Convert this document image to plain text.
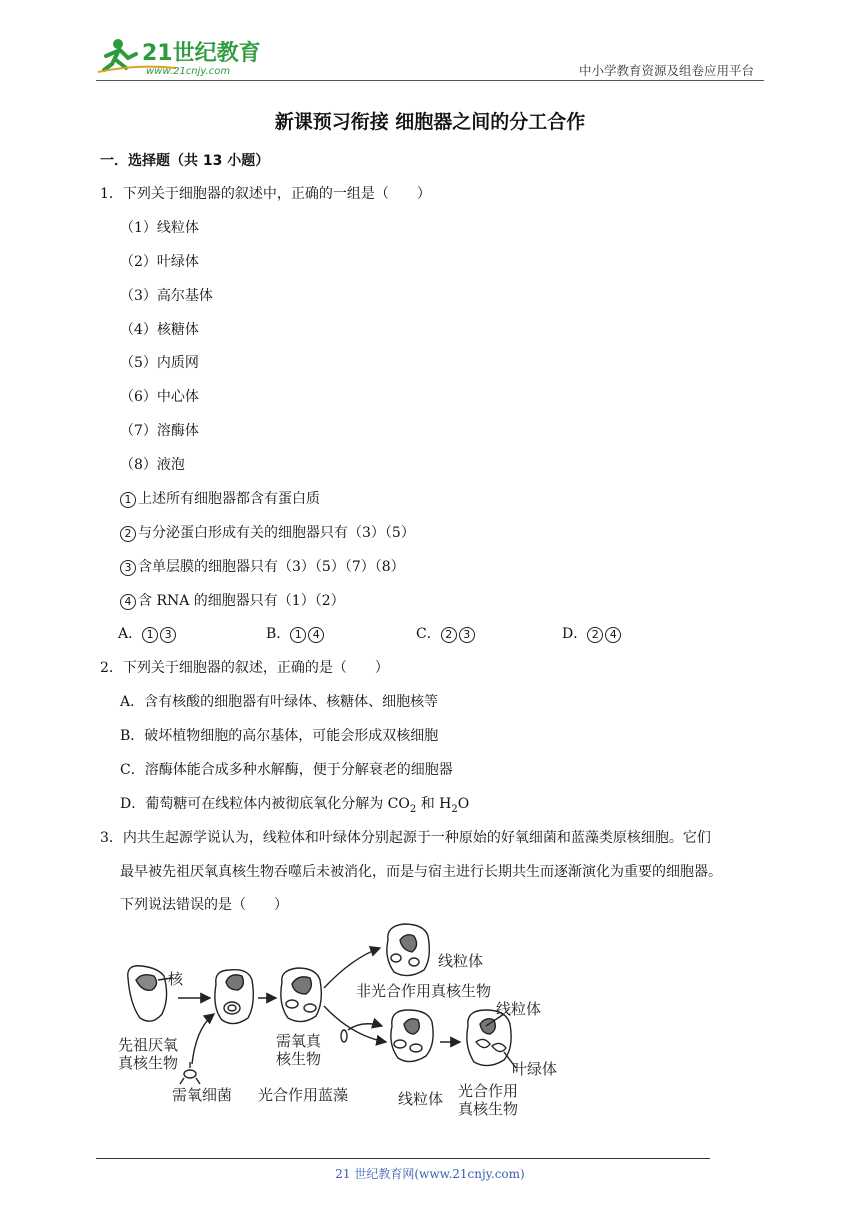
21世纪教育
www.21cnjy.com	中小学教育资源及组卷应用平台
新课预习衔接 细胞器之间的分工合作
一．选择题（共 13 小题）
1．下列关于细胞器的叙述中，正确的一组是（　　）
（1）线粒体
（2）叶绿体
（3）高尔基体
（4）核糖体
（5）内质网
（6）中心体
（7）溶酶体
（8）液泡
1 上述所有细胞器都含有蛋白质
2 与分泌蛋白形成有关的细胞器只有（3）（5）
3 含单层膜的细胞器只有（3）（5）（7）（8）
4 含 RNA 的细胞器只有（1）（2）
A． 1 3	B． 1 4	C． 2 3	D． 2 4
2．下列关于细胞器的叙述，正确的是（　　）
A．含有核酸的细胞器有叶绿体、核糖体、细胞核等
B．破坏植物细胞的高尔基体，可能会形成双核细胞
C．溶酶体能合成多种水解酶，便于分解衰老的细胞器
D．葡萄糖可在线粒体内被彻底氧化分解为 $CO_2$ 和 $H_2O$
3．内共生起源学说认为，线粒体和叶绿体分别起源于一种原始的好氧细菌和蓝藻类原核细胞。它们
最早被先祖厌氧真核生物吞噬后未被消化，而是与宿主进行长期共生而逐渐演化为重要的细胞器。
下列说法错误的是（　　）
核
先祖厌氧
真核生物
需氧细菌
需氧真
核生物
线粒体
非光合作用真核生物
光合作用蓝藻	线粒体
线粒体
叶绿体
光合作用
真核生物
21 世纪教育网(www.21cnjy.com)
